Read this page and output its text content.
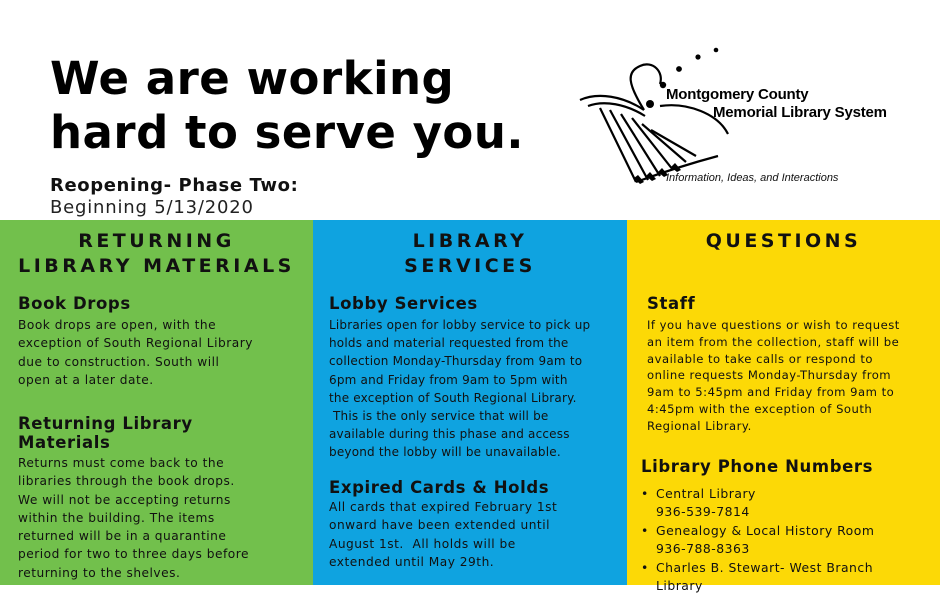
We are working
hard to serve you.
Reopening- Phase Two:
Beginning 5/13/2020
Montgomery County
Memorial Library System
Information, Ideas, and Interactions
RETURNING
LIBRARY MATERIALS
Book Drops
Book drops are open, with the
exception of South Regional Library
due to construction. South will
open at a later date.
Returning Library
Materials
Returns must come back to the
libraries through the book drops.
We will not be accepting returns
within the building. The items
returned will be in a quarantine
period for two to three days before
returning to the shelves.
LIBRARY
SERVICES
Lobby Services
Libraries open for lobby service to pick up
holds and material requested from the
collection Monday-Thursday from 9am to
6pm and Friday from 9am to 5pm with
the exception of South Regional Library.
This is the only service that will be
available during this phase and access
beyond the lobby will be unavailable.
Expired Cards & Holds
All cards that expired February 1st
onward have been extended until
August 1st.  All holds will be
extended until May 29th.
QUESTIONS
Staff
If you have questions or wish to request
an item from the collection, staff will be
available to take calls or respond to
online requests Monday-Thursday from
9am to 5:45pm and Friday from 9am to
4:45pm with the exception of South
Regional Library.
Library Phone Numbers
• Central Library
936-539-7814
• Genealogy & Local History Room
936-788-8363
• Charles B. Stewart- West Branch
Library
